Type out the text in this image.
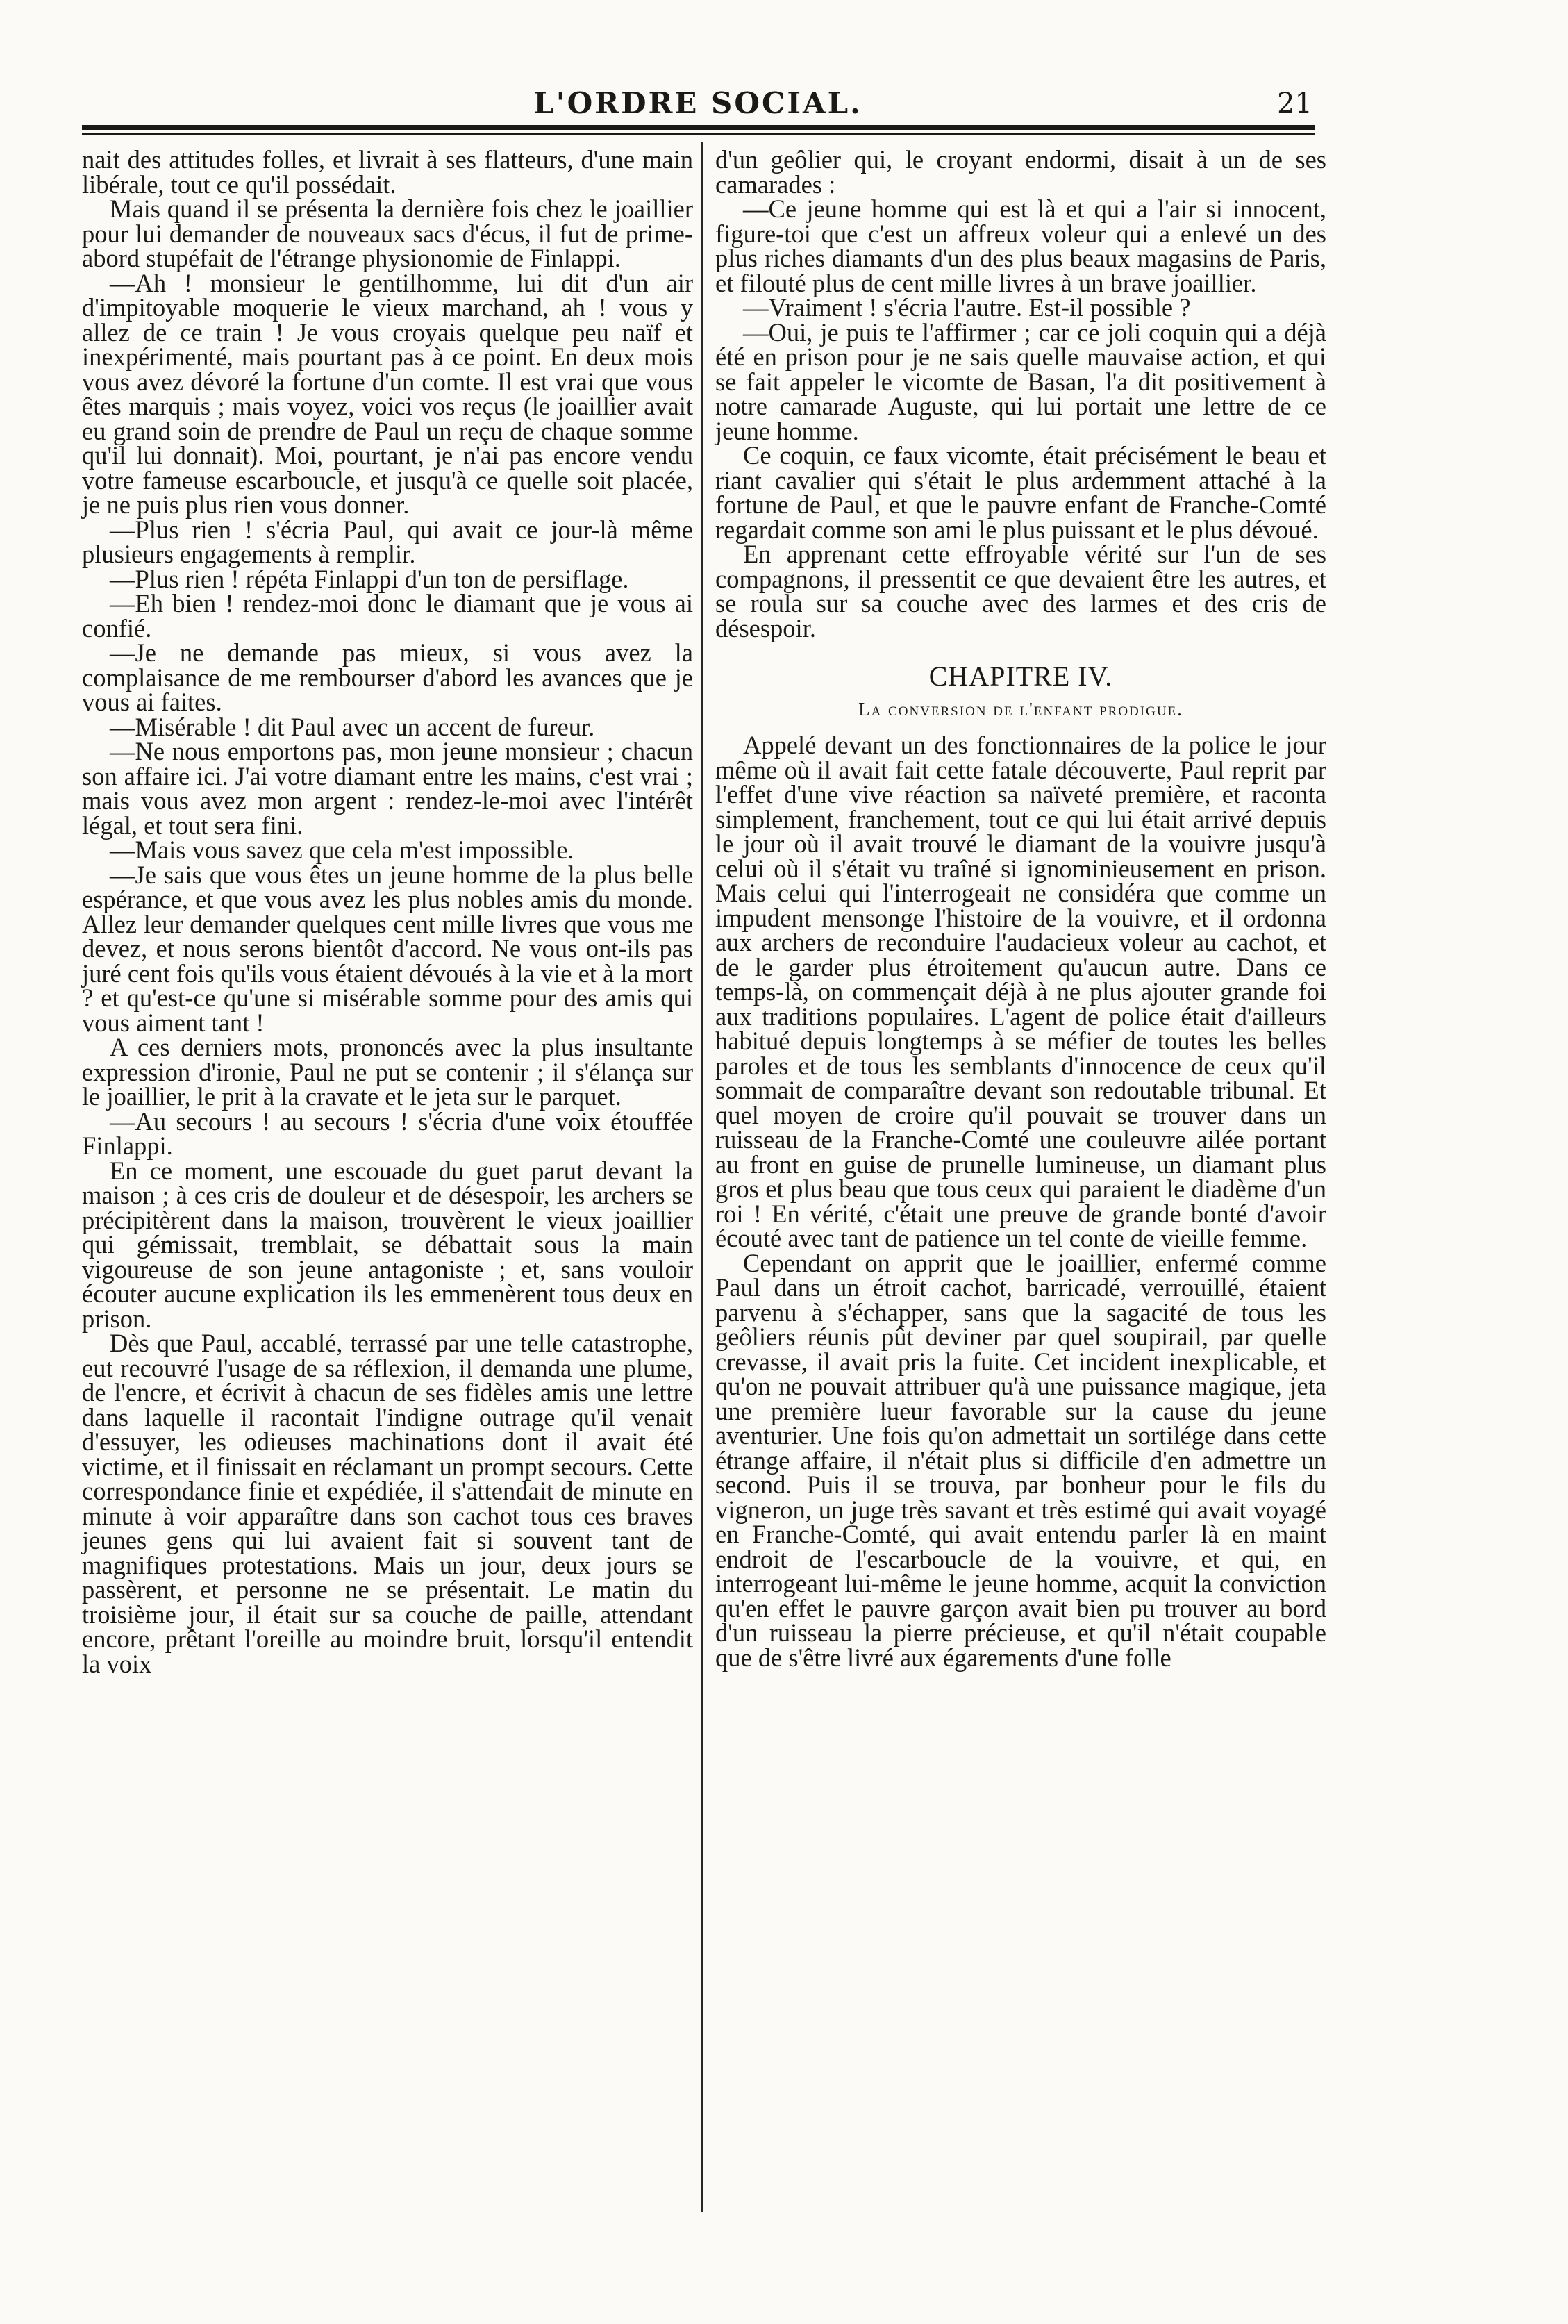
L'ORDRE SOCIAL.	21

nait des attitudes folles, et livrait à ses flatteurs, d'une main libérale, tout ce qu'il possédait.

Mais quand il se présenta la dernière fois chez le joaillier pour lui demander de nouveaux sacs d'écus, il fut de prime-abord stupéfait de l'étrange physionomie de Finlappi.

—Ah ! monsieur le gentilhomme, lui dit d'un air d'impitoyable moquerie le vieux marchand, ah ! vous y allez de ce train ! Je vous croyais quelque peu naïf et inexpérimenté, mais pourtant pas à ce point. En deux mois vous avez dévoré la fortune d'un comte. Il est vrai que vous êtes marquis ; mais voyez, voici vos reçus (le joaillier avait eu grand soin de prendre de Paul un reçu de chaque somme qu'il lui donnait). Moi, pourtant, je n'ai pas encore vendu votre fameuse escarboucle, et jusqu'à ce quelle soit placée, je ne puis plus rien vous donner.

—Plus rien ! s'écria Paul, qui avait ce jour-là même plusieurs engagements à remplir.

—Plus rien ! répéta Finlappi d'un ton de persiflage.

—Eh bien ! rendez-moi donc le diamant que je vous ai confié.

—Je ne demande pas mieux, si vous avez la complaisance de me rembourser d'abord les avances que je vous ai faites.

—Misérable ! dit Paul avec un accent de fureur.

—Ne nous emportons pas, mon jeune monsieur ; chacun son affaire ici. J'ai votre diamant entre les mains, c'est vrai ; mais vous avez mon argent : rendez-le-moi avec l'intérêt légal, et tout sera fini.

—Mais vous savez que cela m'est impossible.

—Je sais que vous êtes un jeune homme de la plus belle espérance, et que vous avez les plus nobles amis du monde. Allez leur demander quelques cent mille livres que vous me devez, et nous serons bientôt d'accord. Ne vous ont-ils pas juré cent fois qu'ils vous étaient dévoués à la vie et à la mort ? et qu'est-ce qu'une si misérable somme pour des amis qui vous aiment tant !

A ces derniers mots, prononcés avec la plus insultante expression d'ironie, Paul ne put se contenir ; il s'élança sur le joaillier, le prit à la cravate et le jeta sur le parquet.

—Au secours ! au secours ! s'écria d'une voix étouffée Finlappi.

En ce moment, une escouade du guet parut devant la maison ; à ces cris de douleur et de désespoir, les archers se précipitèrent dans la maison, trouvèrent le vieux joaillier qui gémissait, tremblait, se débattait sous la main vigoureuse de son jeune antagoniste ; et, sans vouloir écouter aucune explication ils les emmenèrent tous deux en prison.

Dès que Paul, accablé, terrassé par une telle catastrophe, eut recouvré l'usage de sa réflexion, il demanda une plume, de l'encre, et écrivit à chacun de ses fidèles amis une lettre dans laquelle il racontait l'indigne outrage qu'il venait d'essuyer, les odieuses machinations dont il avait été victime, et il finissait en réclamant un prompt secours. Cette correspondance finie et expédiée, il s'attendait de minute en minute à voir apparaître dans son cachot tous ces braves jeunes gens qui lui avaient fait si souvent tant de magnifiques protestations. Mais un jour, deux jours se passèrent, et personne ne se présentait. Le matin du troisième jour, il était sur sa couche de paille, attendant encore, prêtant l'oreille au moindre bruit, lorsqu'il entendit la voix

d'un geôlier qui, le croyant endormi, disait à un de ses camarades :

—Ce jeune homme qui est là et qui a l'air si innocent, figure-toi que c'est un affreux voleur qui a enlevé un des plus riches diamants d'un des plus beaux magasins de Paris, et filouté plus de cent mille livres à un brave joaillier.

—Vraiment ! s'écria l'autre. Est-il possible ?

—Oui, je puis te l'affirmer ; car ce joli coquin qui a déjà été en prison pour je ne sais quelle mauvaise action, et qui se fait appeler le vicomte de Basan, l'a dit positivement à notre camarade Auguste, qui lui portait une lettre de ce jeune homme.

Ce coquin, ce faux vicomte, était précisément le beau et riant cavalier qui s'était le plus ardemment attaché à la fortune de Paul, et que le pauvre enfant de Franche-Comté regardait comme son ami le plus puissant et le plus dévoué.

En apprenant cette effroyable vérité sur l'un de ses compagnons, il pressentit ce que devaient être les autres, et se roula sur sa couche avec des larmes et des cris de désespoir.

CHAPITRE IV.
La conversion de l'enfant prodigue.

Appelé devant un des fonctionnaires de la police le jour même où il avait fait cette fatale découverte, Paul reprit par l'effet d'une vive réaction sa naïveté première, et raconta simplement, franchement, tout ce qui lui était arrivé depuis le jour où il avait trouvé le diamant de la vouivre jusqu'à celui où il s'était vu traîné si ignominieusement en prison. Mais celui qui l'interrogeait ne considéra que comme un impudent mensonge l'histoire de la vouivre, et il ordonna aux archers de reconduire l'audacieux voleur au cachot, et de le garder plus étroitement qu'aucun autre. Dans ce temps-là, on commençait déjà à ne plus ajouter grande foi aux traditions populaires. L'agent de police était d'ailleurs habitué depuis longtemps à se méfier de toutes les belles paroles et de tous les semblants d'innocence de ceux qu'il sommait de comparaître devant son redoutable tribunal. Et quel moyen de croire qu'il pouvait se trouver dans un ruisseau de la Franche-Comté une couleuvre ailée portant au front en guise de prunelle lumineuse, un diamant plus gros et plus beau que tous ceux qui paraient le diadème d'un roi ! En vérité, c'était une preuve de grande bonté d'avoir écouté avec tant de patience un tel conte de vieille femme.

Cependant on apprit que le joaillier, enfermé comme Paul dans un étroit cachot, barricadé, verrouillé, étaient parvenu à s'échapper, sans que la sagacité de tous les geôliers réunis pût deviner par quel soupirail, par quelle crevasse, il avait pris la fuite. Cet incident inexplicable, et qu'on ne pouvait attribuer qu'à une puissance magique, jeta une première lueur favorable sur la cause du jeune aventurier. Une fois qu'on admettait un sortilége dans cette étrange affaire, il n'était plus si difficile d'en admettre un second. Puis il se trouva, par bonheur pour le fils du vigneron, un juge très savant et très estimé qui avait voyagé en Franche-Comté, qui avait entendu parler là en maint endroit de l'escarboucle de la vouivre, et qui, en interrogeant lui-même le jeune homme, acquit la conviction qu'en effet le pauvre garçon avait bien pu trouver au bord d'un ruisseau la pierre précieuse, et qu'il n'était coupable que de s'être livré aux égarements d'une folle
